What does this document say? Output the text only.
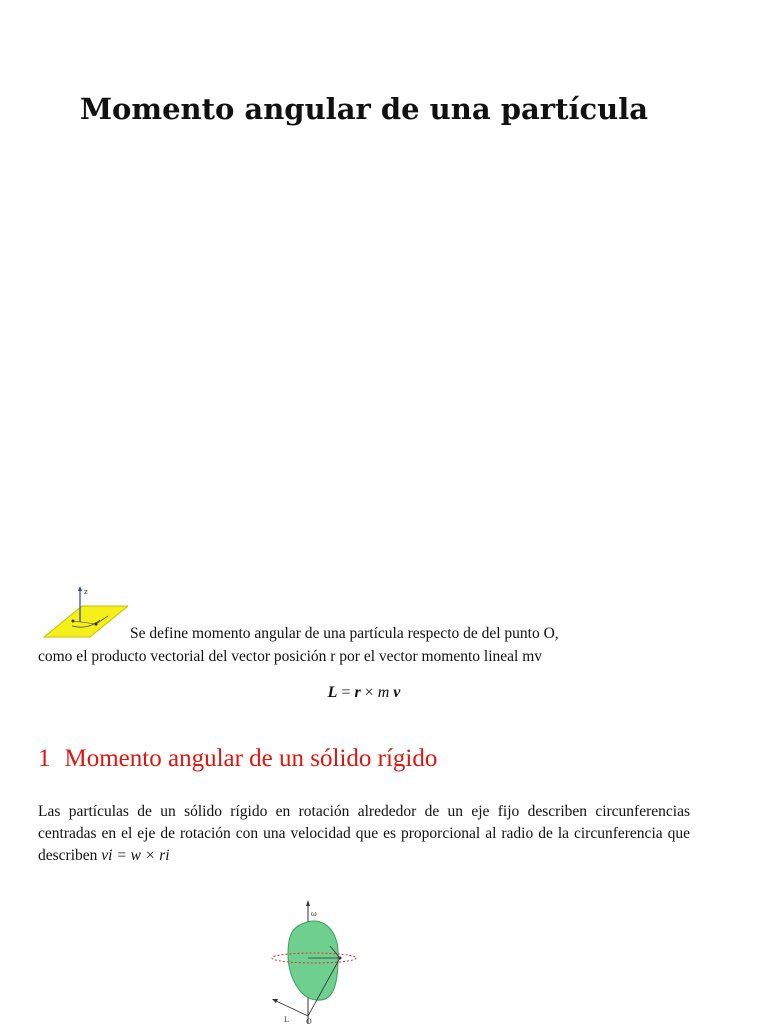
Momento angular de una partícula
z
Se define momento angular de una partícula respecto de del punto O,
como el producto vectorial del vector posición r por el vector momento lineal mv
L = r × m v
1 Momento angular de un sólido rígido
Las partículas de un sólido rígido en rotación alrededor de un eje fijo describen circunferencias centradas en el eje de rotación con una velocidad que es proporcional al radio de la circunferencia que describen vi = w × ri
ω
L O
